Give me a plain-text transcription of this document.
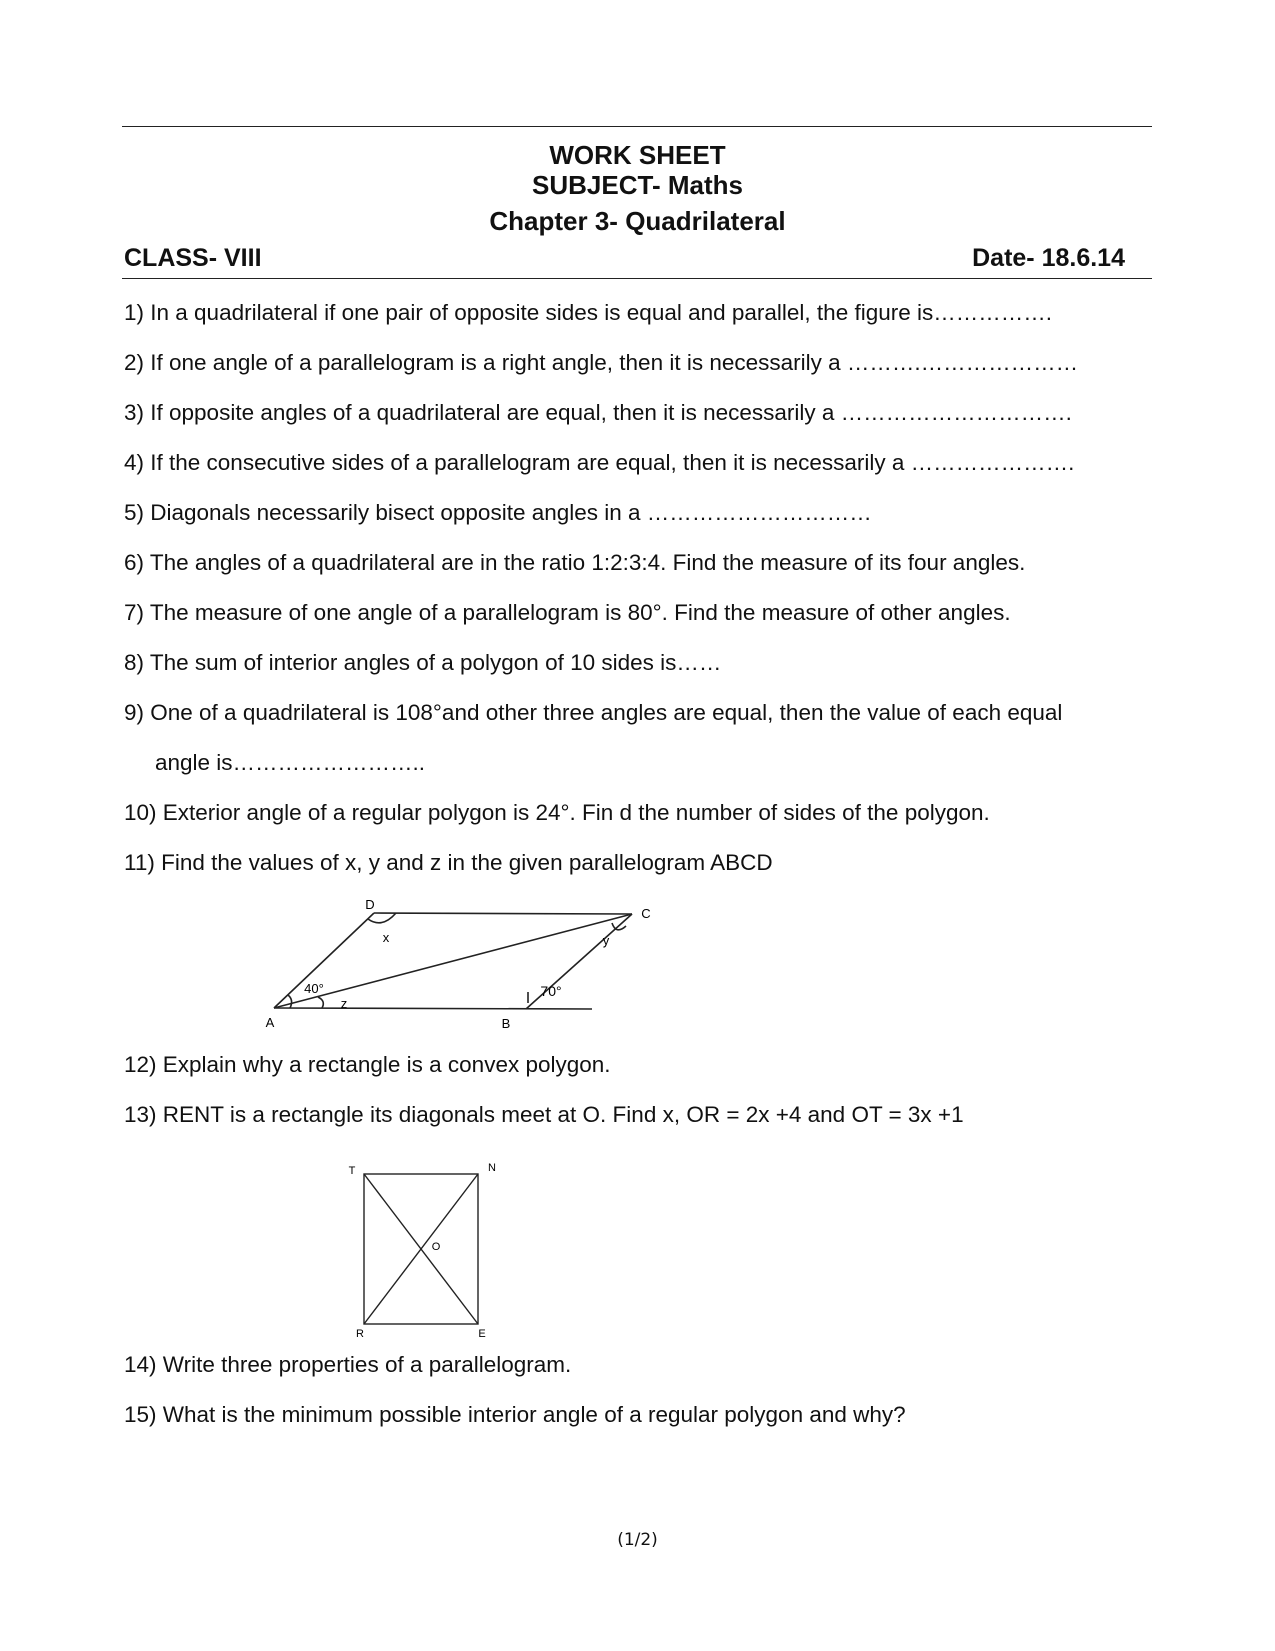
WORK SHEET
SUBJECT- Maths
Chapter 3- Quadrilateral
CLASS- VIII	Date- 18.6.14
1) In a quadrilateral if one pair of opposite sides is equal and parallel, the figure is…………….
2) If one angle of a parallelogram is a right angle, then it is necessarily a ……….…………………
3) If opposite angles of a quadrilateral are equal, then it is necessarily a ………………………….
4) If the consecutive sides of a parallelogram are equal, then it is necessarily a ………………….
5) Diagonals necessarily bisect opposite angles in a …………………………
6) The angles of a quadrilateral are in the ratio 1:2:3:4. Find the measure of its four angles.
7) The measure of one angle of a parallelogram is 80°. Find the measure of other angles.
8) The sum of interior angles of a polygon of 10 sides is……
9) One of a quadrilateral is 108°and other three angles are equal, then the value of each equal
angle is……………………..
10) Exterior angle of a regular polygon is 24°. Fin d the number of sides of the polygon.
11) Find the values of x, y and z in the given parallelogram ABCD
D
C
A	B
x	y
z
40°	70°
12) Explain why a rectangle is a convex polygon.
13) RENT is a rectangle its diagonals meet at O. Find x, OR = 2x +4 and OT = 3x +1
T	N
R	E
O
14) Write three properties of a parallelogram.
15) What is the minimum possible interior angle of a regular polygon and why?
(1/2)
